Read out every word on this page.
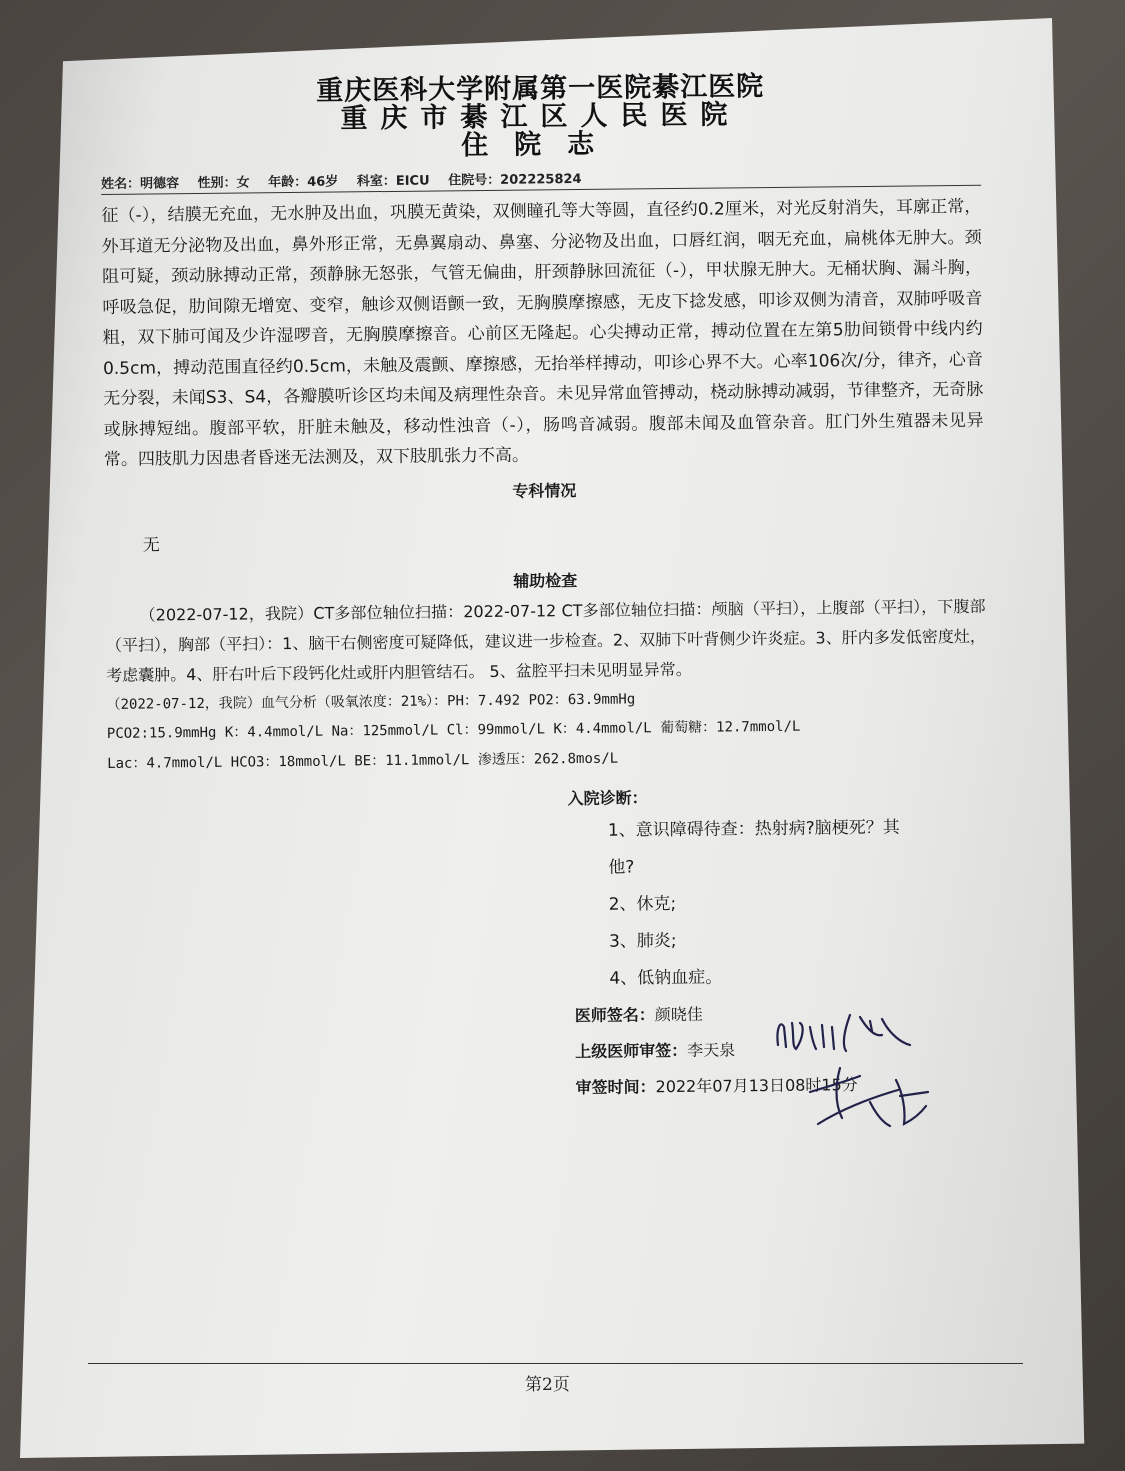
重庆医科大学附属第一医院綦江医院
重庆市綦江区人民医院
住院志
姓名：明德容 性别：女 年龄：46岁 科室：EICU 住院号：202225824
征（-），结膜无充血，无水肿及出血，巩膜无黄染，双侧瞳孔等大等圆，直径约0.2厘米，对光反射消失，耳廓正常，外耳道无分泌物及出血，鼻外形正常，无鼻翼扇动、鼻塞、分泌物及出血，口唇红润，咽无充血，扁桃体无肿大。颈阻可疑，颈动脉搏动正常，颈静脉无怒张，气管无偏曲，肝颈静脉回流征（-），甲状腺无肿大。无桶状胸、漏斗胸，呼吸急促，肋间隙无增宽、变窄，触诊双侧语颤一致，无胸膜摩擦感，无皮下捻发感，叩诊双侧为清音，双肺呼吸音粗，双下肺可闻及少许湿啰音，无胸膜摩擦音。心前区无隆起。心尖搏动正常，搏动位置在左第5肋间锁骨中线内约0.5cm，搏动范围直径约0.5cm，未触及震颤、摩擦感，无抬举样搏动，叩诊心界不大。心率106次/分，律齐，心音无分裂，未闻S3、S4，各瓣膜听诊区均未闻及病理性杂音。未见异常血管搏动，桡动脉搏动减弱，节律整齐，无奇脉或脉搏短绌。腹部平软，肝脏未触及，移动性浊音（-），肠鸣音减弱。腹部未闻及血管杂音。肛门外生殖器未见异常。四肢肌力因患者昏迷无法测及，双下肢肌张力不高。
专科情况
无
辅助检查
（2022-07-12，我院）CT多部位轴位扫描：2022-07-12 CT多部位轴位扫描：颅脑（平扫），上腹部（平扫），下腹部（平扫），胸部（平扫）：1、脑干右侧密度可疑降低，建议进一步检查。2、双肺下叶背侧少许炎症。3、肝内多发低密度灶，考虑囊肿。4、肝右叶后下段钙化灶或肝内胆管结石。 5、盆腔平扫未见明显异常。
（2022-07-12，我院）血气分析（吸氧浓度：21%）：PH：7.492 PO2：63.9mmHg
PCO2:15.9mmHg K：4.4mmol/L Na：125mmol/L Cl：99mmol/L K：4.4mmol/L 葡萄糖：12.7mmol/L
Lac：4.7mmol/L HCO3：18mmol/L BE：11.1mmol/L 渗透压：262.8mos/L
入院诊断：
1、意识障碍待查：热射病?脑梗死？其
他?
2、休克;
3、肺炎;
4、低钠血症。
医师签名：颜晓佳
上级医师审签：李天泉
审签时间：2022年07月13日08时15分
第2页
